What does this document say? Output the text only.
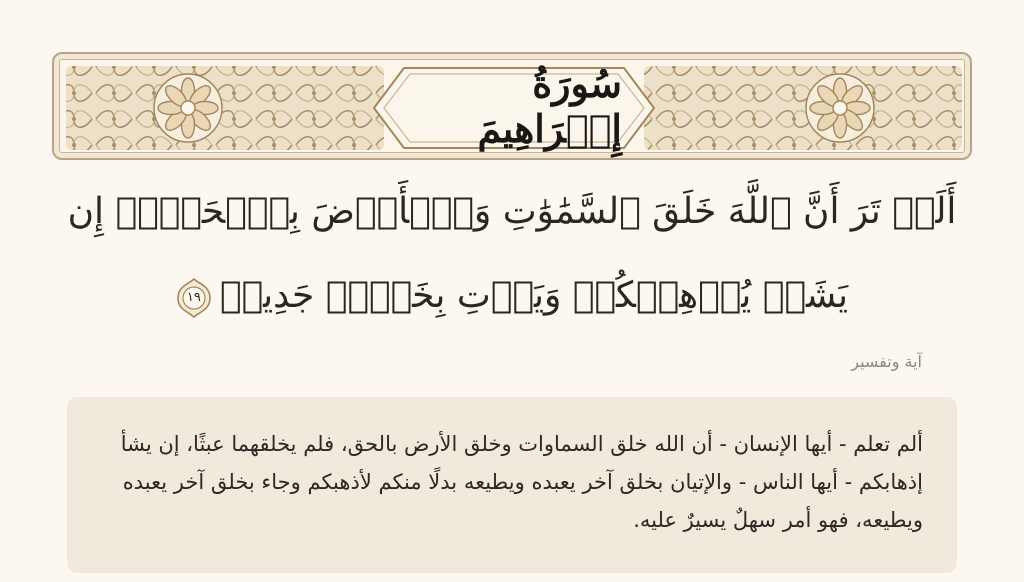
سُورَةُ إِبۡرَاهِيمَ

أَلَمۡ تَرَ أَنَّ ٱللَّهَ خَلَقَ ٱلسَّمَٰوَٰتِ وَٱلۡأَرۡضَ بِٱلۡحَقِّۚ إِن يَشَأۡ يُذۡهِبۡكُمۡ وَيَأۡتِ بِخَلۡقٖ جَدِيدٖ
١٩

آية وتفسير

ألم تعلم - أيها الإنسان - أن الله خلق السماوات وخلق الأرض بالحق، فلم يخلقهما عبثًا، إن يشأ إذهابكم - أيها الناس - والإتيان بخلق آخر يعبده ويطيعه بدلًا منكم لأذهبكم وجاء بخلق آخر يعبده ويطيعه، فهو أمر سهلٌ يسيرٌ عليه.
